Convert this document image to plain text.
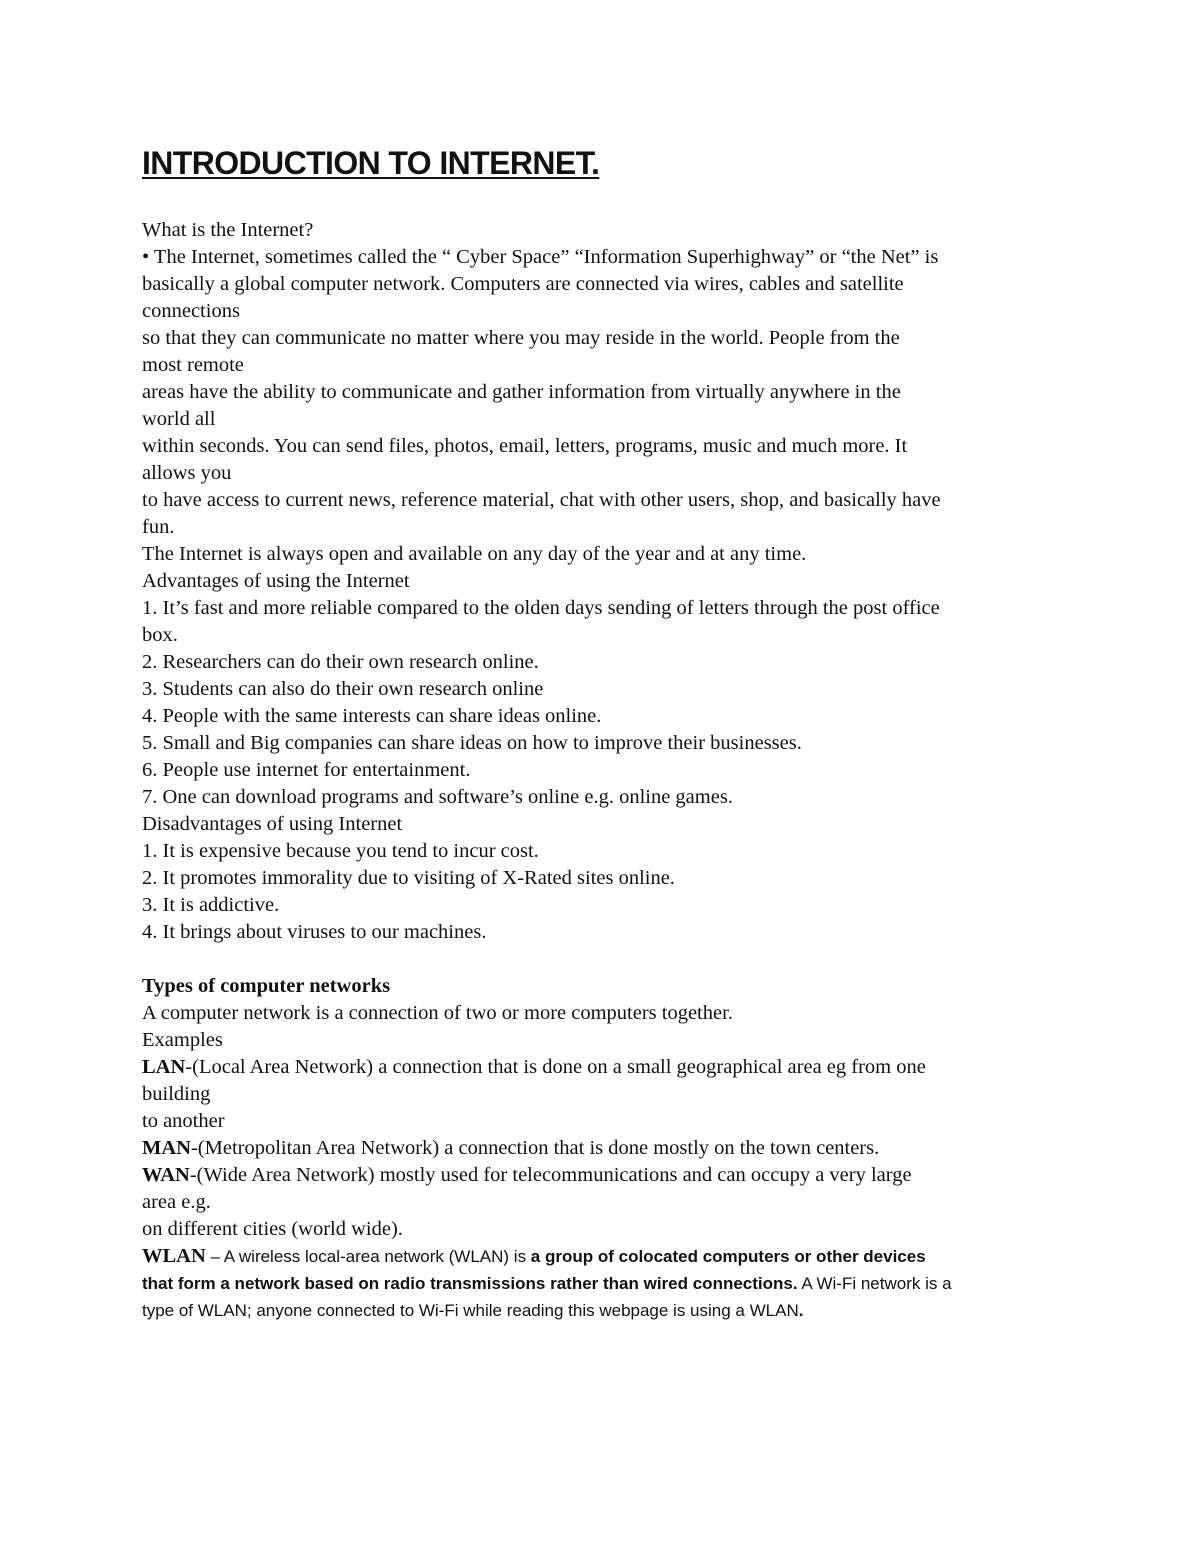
INTRODUCTION TO INTERNET.
What is the Internet?
• The Internet, sometimes called the “ Cyber Space” “Information Superhighway” or “the Net” is
basically a global computer network. Computers are connected via wires, cables and satellite
connections
so that they can communicate no matter where you may reside in the world. People from the
most remote
areas have the ability to communicate and gather information from virtually anywhere in the
world all
within seconds. You can send files, photos, email, letters, programs, music and much more. It
allows you
to have access to current news, reference material, chat with other users, shop, and basically have
fun.
The Internet is always open and available on any day of the year and at any time.
Advantages of using the Internet
1. It’s fast and more reliable compared to the olden days sending of letters through the post office
box.
2. Researchers can do their own research online.
3. Students can also do their own research online
4. People with the same interests can share ideas online.
5. Small and Big companies can share ideas on how to improve their businesses.
6. People use internet for entertainment.
7. One can download programs and software’s online e.g. online games.
Disadvantages of using Internet
1. It is expensive because you tend to incur cost.
2. It promotes immorality due to visiting of X-Rated sites online.
3. It is addictive.
4. It brings about viruses to our machines.
Types of computer networks
A computer network is a connection of two or more computers together.
Examples
LAN-(Local Area Network) a connection that is done on a small geographical area eg from one
building
to another
MAN-(Metropolitan Area Network) a connection that is done mostly on the town centers.
WAN-(Wide Area Network) mostly used for telecommunications and can occupy a very large
area e.g.
on different cities (world wide).
WLAN – A wireless local-area network (WLAN) is a group of colocated computers or other devices
that form a network based on radio transmissions rather than wired connections. A Wi-Fi network is a
type of WLAN; anyone connected to Wi-Fi while reading this webpage is using a WLAN.
